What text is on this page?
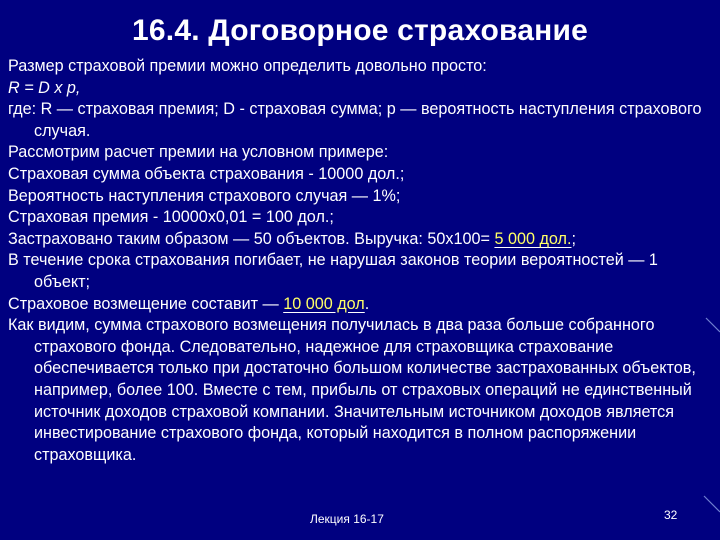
16.4. Договорное страхование

Размер страховой премии можно определить довольно просто:

R = D x p,

где: R — страховая премия; D - страховая сумма; p — вероятность наступления страхового случая.

Рассмотрим расчет премии на условном примере:

Страховая сумма объекта страхования - 10000 дол.;

Вероятность наступления страхового случая — 1%;

Страховая премия - 10000х0,01 = 100 дол.;

Застраховано таким образом — 50 объектов. Выручка: 50х100= 5 000 дол.;

В течение срока страхования погибает, не нарушая законов теории вероятностей — 1 объект;

Страховое возмещение составит — 10 000 дол.

Как видим, сумма страхового возмещения получилась в два раза больше собранного страхового фонда. Следовательно, надежное для страховщика страхование обеспечивается только при достаточно большом количестве застрахованных объектов, например, более 100. Вместе с тем, прибыль от страховых операций не единственный источник доходов страховой компании. Значительным источником доходов является инвестирование страхового фонда, который находится в полном распоряжении страховщика.

Лекция 16-17	32
